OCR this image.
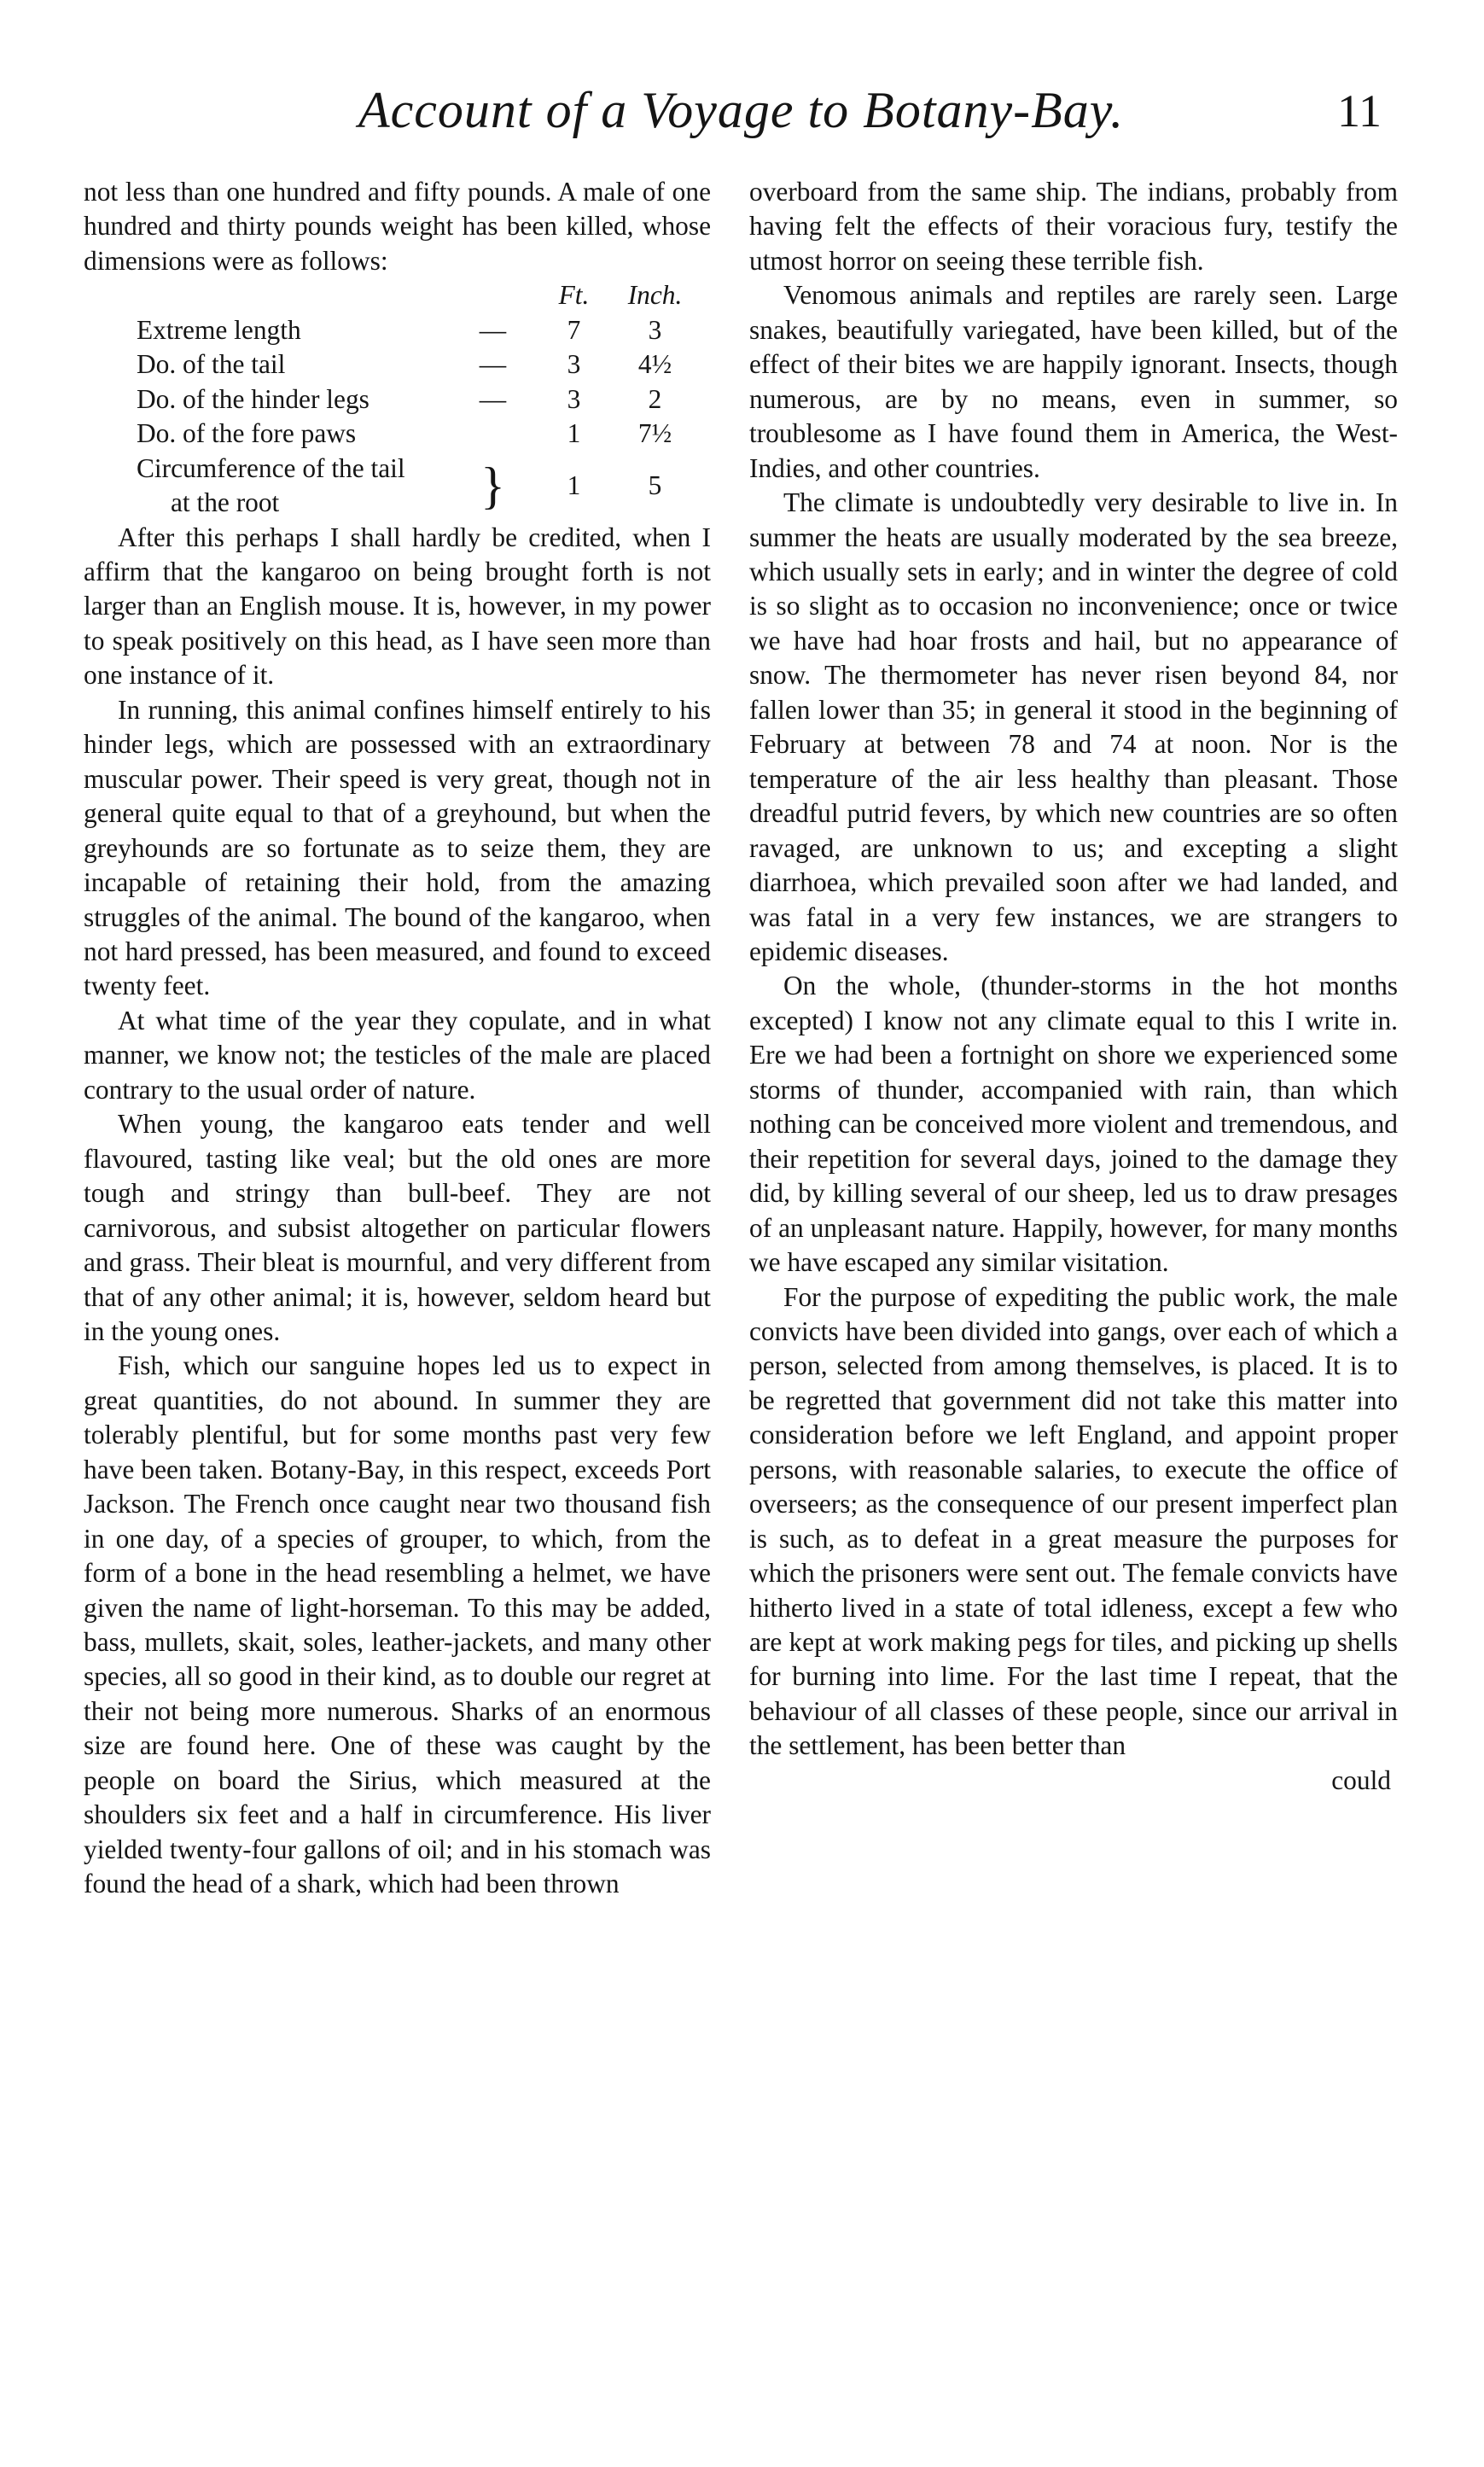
Account of a Voyage to Botany-Bay.	11

not less than one hundred and fifty pounds. A male of one hundred and thirty pounds weight has been killed, whose dimensions were as follows:

		Ft.	Inch.
Extreme length	—	7	3
Do. of the tail	—	3	4½
Do. of the hinder legs	—	3	2
Do. of the fore paws		1	7½
Circumference of the tail	}	1	5
at the root			

After this perhaps I shall hardly be credited, when I affirm that the kangaroo on being brought forth is not larger than an English mouse. It is, however, in my power to speak positively on this head, as I have seen more than one instance of it.

In running, this animal confines himself entirely to his hinder legs, which are possessed with an extraordinary muscular power. Their speed is very great, though not in general quite equal to that of a greyhound, but when the greyhounds are so fortunate as to seize them, they are incapable of retaining their hold, from the amazing struggles of the animal. The bound of the kangaroo, when not hard pressed, has been measured, and found to exceed twenty feet.

At what time of the year they copulate, and in what manner, we know not; the testicles of the male are placed contrary to the usual order of nature.

When young, the kangaroo eats tender and well flavoured, tasting like veal; but the old ones are more tough and stringy than bull-beef. They are not carnivorous, and subsist altogether on particular flowers and grass. Their bleat is mournful, and very different from that of any other animal; it is, however, seldom heard but in the young ones.

Fish, which our sanguine hopes led us to expect in great quantities, do not abound. In summer they are tolerably plentiful, but for some months past very few have been taken. Botany-Bay, in this respect, exceeds Port Jackson. The French once caught near two thousand fish in one day, of a species of grouper, to which, from the form of a bone in the head resembling a helmet, we have given the name of light-horseman. To this may be added, bass, mullets, skait, soles, leather-jackets, and many other species, all so good in their kind, as to double our regret at their not being more numerous. Sharks of an enormous size are found here. One of these was caught by the people on board the Sirius, which measured at the shoulders six feet and a half in circumference. His liver yielded twenty-four gallons of oil; and in his stomach was found the head of a shark, which had been thrown

overboard from the same ship. The indians, probably from having felt the effects of their voracious fury, testify the utmost horror on seeing these terrible fish.

Venomous animals and reptiles are rarely seen. Large snakes, beautifully variegated, have been killed, but of the effect of their bites we are happily ignorant. Insects, though numerous, are by no means, even in summer, so troublesome as I have found them in America, the West-Indies, and other countries.

The climate is undoubtedly very desirable to live in. In summer the heats are usually moderated by the sea breeze, which usually sets in early; and in winter the degree of cold is so slight as to occasion no inconvenience; once or twice we have had hoar frosts and hail, but no appearance of snow. The thermometer has never risen beyond 84, nor fallen lower than 35; in general it stood in the beginning of February at between 78 and 74 at noon. Nor is the temperature of the air less healthy than pleasant. Those dreadful putrid fevers, by which new countries are so often ravaged, are unknown to us; and excepting a slight diarrhoea, which prevailed soon after we had landed, and was fatal in a very few instances, we are strangers to epidemic diseases.

On the whole, (thunder-storms in the hot months excepted) I know not any climate equal to this I write in. Ere we had been a fortnight on shore we experienced some storms of thunder, accompanied with rain, than which nothing can be conceived more violent and tremendous, and their repetition for several days, joined to the damage they did, by killing several of our sheep, led us to draw presages of an unpleasant nature. Happily, however, for many months we have escaped any similar visitation.

For the purpose of expediting the public work, the male convicts have been divided into gangs, over each of which a person, selected from among themselves, is placed. It is to be regretted that government did not take this matter into consideration before we left England, and appoint proper persons, with reasonable salaries, to execute the office of overseers; as the consequence of our present imperfect plan is such, as to defeat in a great measure the purposes for which the prisoners were sent out. The female convicts have hitherto lived in a state of total idleness, except a few who are kept at work making pegs for tiles, and picking up shells for burning into lime. For the last time I repeat, that the behaviour of all classes of these people, since our arrival in the settlement, has been better than

could
